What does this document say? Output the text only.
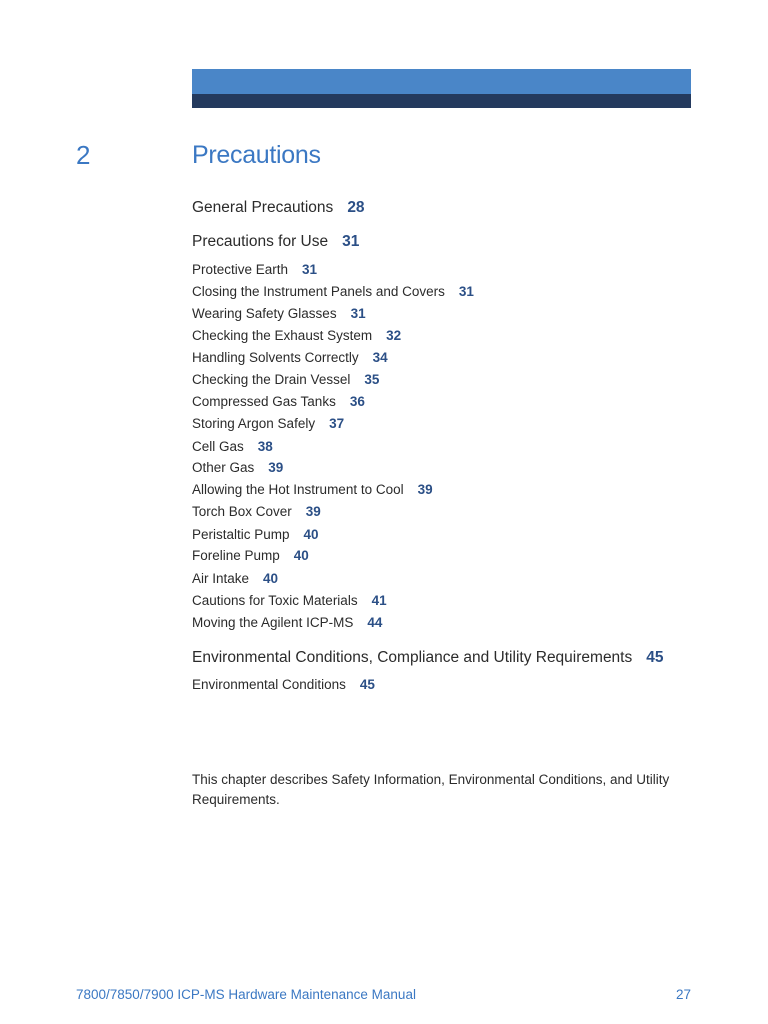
2	Precautions
General Precautions 28
Precautions for Use 31
Protective Earth 31
Closing the Instrument Panels and Covers 31
Wearing Safety Glasses 31
Checking the Exhaust System 32
Handling Solvents Correctly 34
Checking the Drain Vessel 35
Compressed Gas Tanks 36
Storing Argon Safely 37
Cell Gas 38
Other Gas 39
Allowing the Hot Instrument to Cool 39
Torch Box Cover 39
Peristaltic Pump 40
Foreline Pump 40
Air Intake 40
Cautions for Toxic Materials 41
Moving the Agilent ICP-MS 44
Environmental Conditions, Compliance and Utility Requirements 45
Environmental Conditions 45
This chapter describes Safety Information, Environmental Conditions, and Utility Requirements.
7800/7850/7900 ICP-MS Hardware Maintenance Manual	27
